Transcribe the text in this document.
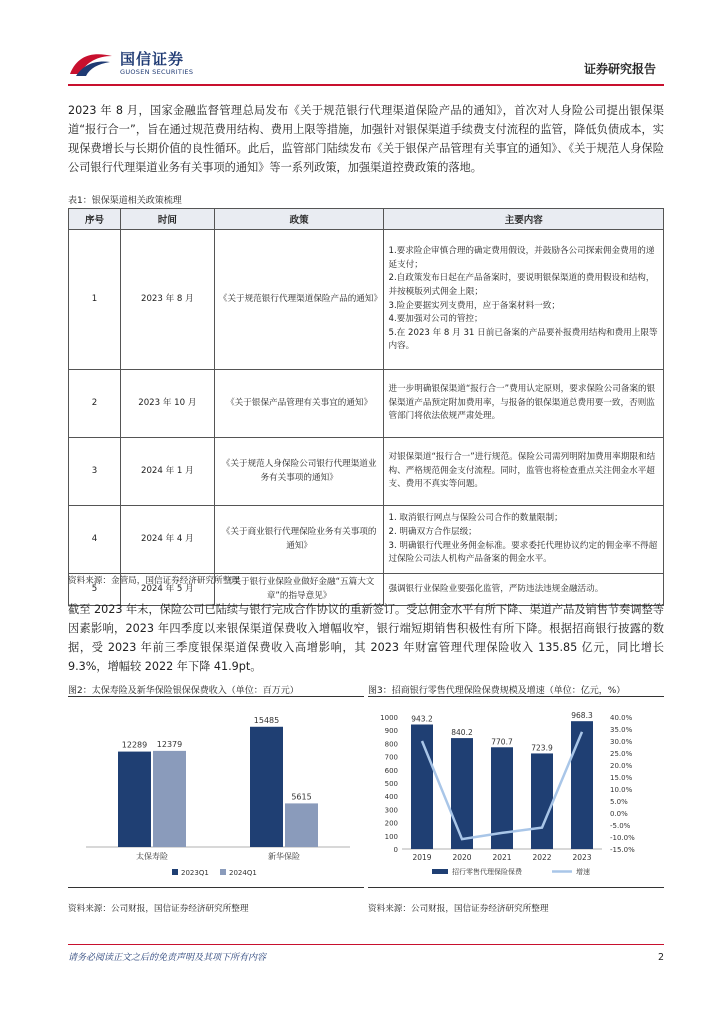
国信证券
GUOSEN SECURITIES	证券研究报告

2023 年 8 月，国家金融监督管理总局发布《关于规范银行代理渠道保险产品的通知》，首次对人身险公司提出银保渠道“报行合一”，旨在通过规范费用结构、费用上限等措施，加强针对银保渠道手续费支付流程的监管，降低负债成本，实现保费增长与长期价值的良性循环。此后，监管部门陆续发布《关于银保产品管理有关事宜的通知》、《关于规范人身保险公司银行代理渠道业务有关事项的通知》等一系列政策，加强渠道控费政策的落地。

表1：银保渠道相关政策梳理
序号	时间	政策	主要内容
1	2023 年 8 月	《关于规范银行代理渠道保险产品的通知》	1.要求险企审慎合理的确定费用假设，并鼓励各公司探索佣金费用的递延支付；
2.自政策发布日起在产品备案时，要说明银保渠道的费用假设和结构，并按模版列式佣金上限；
3.险企要据实列支费用，应于备案材料一致；
4.要加强对公司的管控；
5.在 2023 年 8 月 31 日前已备案的产品要补报费用结构和费用上限等内容。

2	2023 年 10 月	《关于银保产品管理有关事宜的通知》	进一步明确银保渠道“报行合一”费用认定原则，要求保险公司备案的银保渠道产品预定附加费用率，与报备的银保渠道总费用要一致，否则监管部门将依法依规严肃处理。

3	2024 年 1 月	《关于规范人身保险公司银行代理渠道业务有关事项的通知》	对银保渠道“报行合一”进行规范。保险公司需列明附加费用率期限和结构、严格规范佣金支付流程。同时，监管也将检查重点关注佣金水平超支、费用不真实等问题。

4	2024 年 4 月	《关于商业银行代理保险业务有关事项的通知》	1. 取消银行网点与保险公司合作的数量限制；
2. 明确双方合作层级；
3. 明确银行代理业务佣金标准。要求委托代理协议约定的佣金率不得超过保险公司法人机构产品备案的佣金水平。

5	2024 年 5 月	《关于银行业保险业做好金融“五篇大文章”的指导意见》	强调银行业保险业要强化监管，严防违法违规金融活动。
资料来源：金管局，国信证券经济研究所整理

截至 2023 年末，保险公司已陆续与银行完成合作协议的重新签订。受总佣金水平有所下降、渠道产品及销售节奏调整等因素影响，2023 年四季度以来银保渠道保费收入增幅收窄，银行端短期销售积极性有所下降。根据招商银行披露的数据，受 2023 年前三季度银保渠道保费收入高增影响，其 2023 年财富管理代理保险收入 135.85 亿元，同比增长 9.3%，增幅较 2022 年下降 41.9pt。

图2：太保寿险及新华保险银保保费收入（单位：百万元）
12289 12379
太保寿险
15485
5615
新华保险
2023Q1	2024Q1
资料来源：公司财报，国信证券经济研究所整理
图3：招商银行零售代理保险保费规模及增速（单位：亿元，%）
1000
900
800
700
600
500
400
300
200
100
0
40.0%
35.0%
30.0%
25.0%
20.0%
15.0%
10.0%
5.0%
0.0%
-5.0%
-10.0%
-15.0%
943.2
2019
840.2
2020
770.7
2021
723.9
2022
968.3
2023
招行零售代理保险保费	增速
资料来源：公司财报，国信证券经济研究所整理
请务必阅读正文之后的免责声明及其项下所有内容	2
